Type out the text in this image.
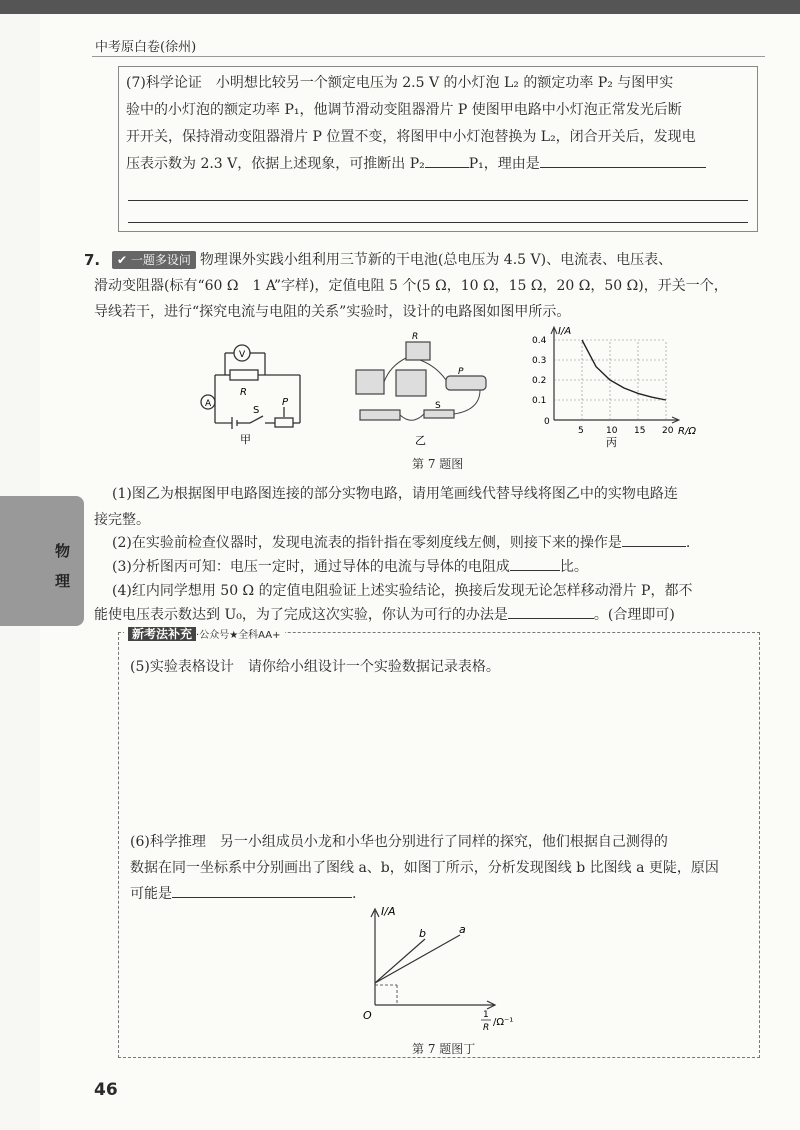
中考原白卷(徐州)
物
理
(7)科学论证　小明想比较另一个额定电压为 2.5 V 的小灯泡 L₂ 的额定功率 P₂ 与图甲实
验中的小灯泡的额定功率 P₁，他调节滑动变阻器滑片 P 使图甲电路中小灯泡正常发光后断
开开关，保持滑动变阻器滑片 P 位置不变，将图甲中小灯泡替换为 L₂，闭合开关后，发现电
压表示数为 2.3 V，依据上述现象，可推断出 P₂	P₁，理由是
7.	✔ 一题多设问 物理课外实践小组利用三节新的干电池(总电压为 4.5 V)、电流表、电压表、
滑动变阻器(标有“60 Ω　1 A”字样)，定值电阻 5 个(5 Ω，10 Ω，15 Ω，20 Ω，50 Ω)，开关一个，
导线若干，进行“探究电流与电阻的关系”实验时，设计的电路图如图甲所示。
V
A
R
S
P
甲
R
P
S
乙
I/A
R/Ω
0
0.1
0.2
0.3
0.4
5 10 15 20
丙
第 7 题图
(1)图乙为根据图甲电路图连接的部分实物电路，请用笔画线代替导线将图乙中的实物电路连
接完整。
(2)在实验前检查仪器时，发现电流表的指针指在零刻度线左侧，则接下来的操作是	.
(3)分析图丙可知：电压一定时，通过导体的电流与导体的电阻成	比。
(4)红内同学想用 50 Ω 的定值电阻验证上述实验结论，换接后发现无论怎样移动滑片 P，都不
能使电压表示数达到 U₀，为了完成这次实验，你认为可行的办法是	。(合理即可)
新考法补充 ·公众号★全科AA+
(5)实验表格设计　请你给小组设计一个实验数据记录表格。
(6)科学推理　另一小组成员小龙和小华也分别进行了同样的探究，他们根据自己测得的
数据在同一坐标系中分别画出了图线 a、b，如图丁所示，分析发现图线 b 比图线 a 更陡，原因
可能是	.
I/A
a
b
O	1
R /Ω⁻¹
第 7 题图丁
46
